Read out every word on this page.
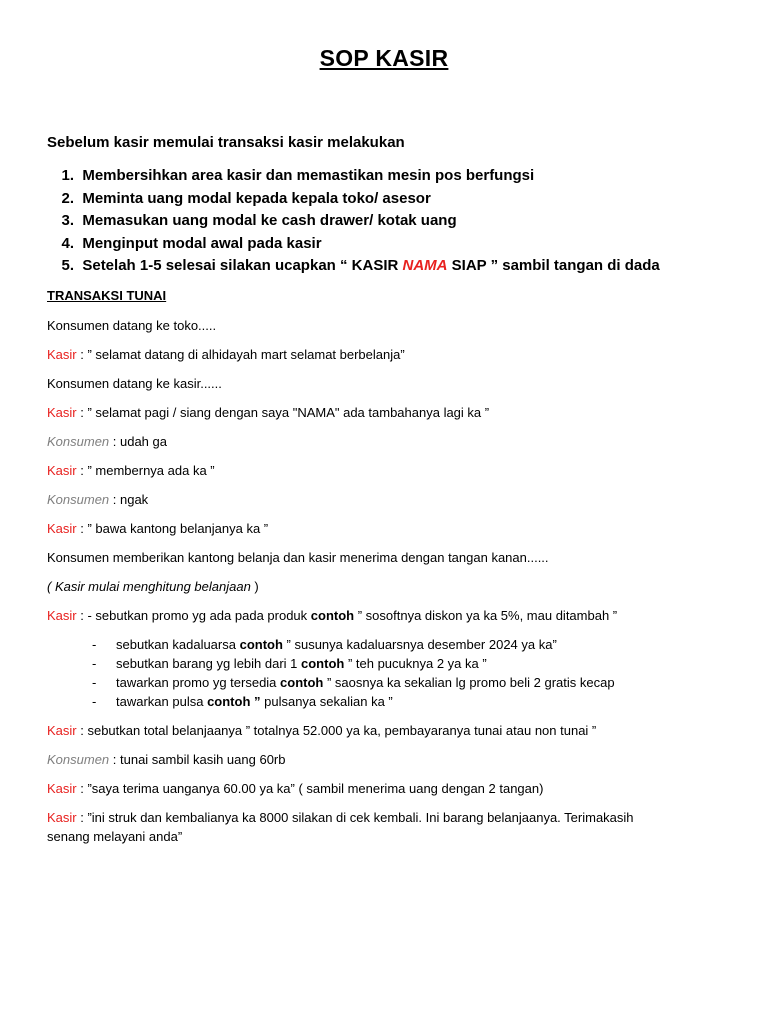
SOP KASIR
Sebelum kasir memulai transaksi kasir melakukan
1. Membersihkan area kasir dan memastikan mesin pos berfungsi
2. Meminta uang modal kepada kepala toko/ asesor
3. Memasukan uang modal ke cash drawer/ kotak uang
4. Menginput modal awal pada kasir
5. Setelah 1-5 selesai silakan ucapkan “ KASIR NAMA SIAP ” sambil tangan di dada
TRANSAKSI TUNAI
Konsumen datang ke toko.....
Kasir : ” selamat datang di alhidayah mart selamat berbelanja”
Konsumen datang ke kasir......
Kasir : ” selamat pagi / siang dengan saya "NAMA" ada tambahanya lagi ka ”
Konsumen : udah ga
Kasir : ” membernya ada ka ”
Konsumen : ngak
Kasir : ” bawa kantong belanjanya ka ”
Konsumen memberikan kantong belanja dan kasir menerima dengan tangan kanan......
( Kasir mulai menghitung belanjaan )
Kasir : - sebutkan promo yg ada pada produk contoh ” sosoftnya diskon ya ka 5%, mau ditambah ”
- sebutkan kadaluarsa contoh ” susunya kadaluarsnya desember 2024 ya ka”
- sebutkan barang yg lebih dari 1 contoh ” teh pucuknya 2 ya ka ”
- tawarkan promo yg tersedia contoh ” saosnya ka sekalian lg promo beli 2 gratis kecap
- tawarkan pulsa contoh ” pulsanya sekalian ka ”
Kasir : sebutkan total belanjaanya ” totalnya 52.000 ya ka, pembayaranya tunai atau non tunai ”
Konsumen : tunai sambil kasih uang 60rb
Kasir : ”saya terima uanganya 60.00 ya ka” ( sambil menerima uang dengan 2 tangan)
Kasir : ”ini struk dan kembalianya ka 8000 silakan di cek kembali. Ini barang belanjaanya. Terimakasih
senang melayani anda”
